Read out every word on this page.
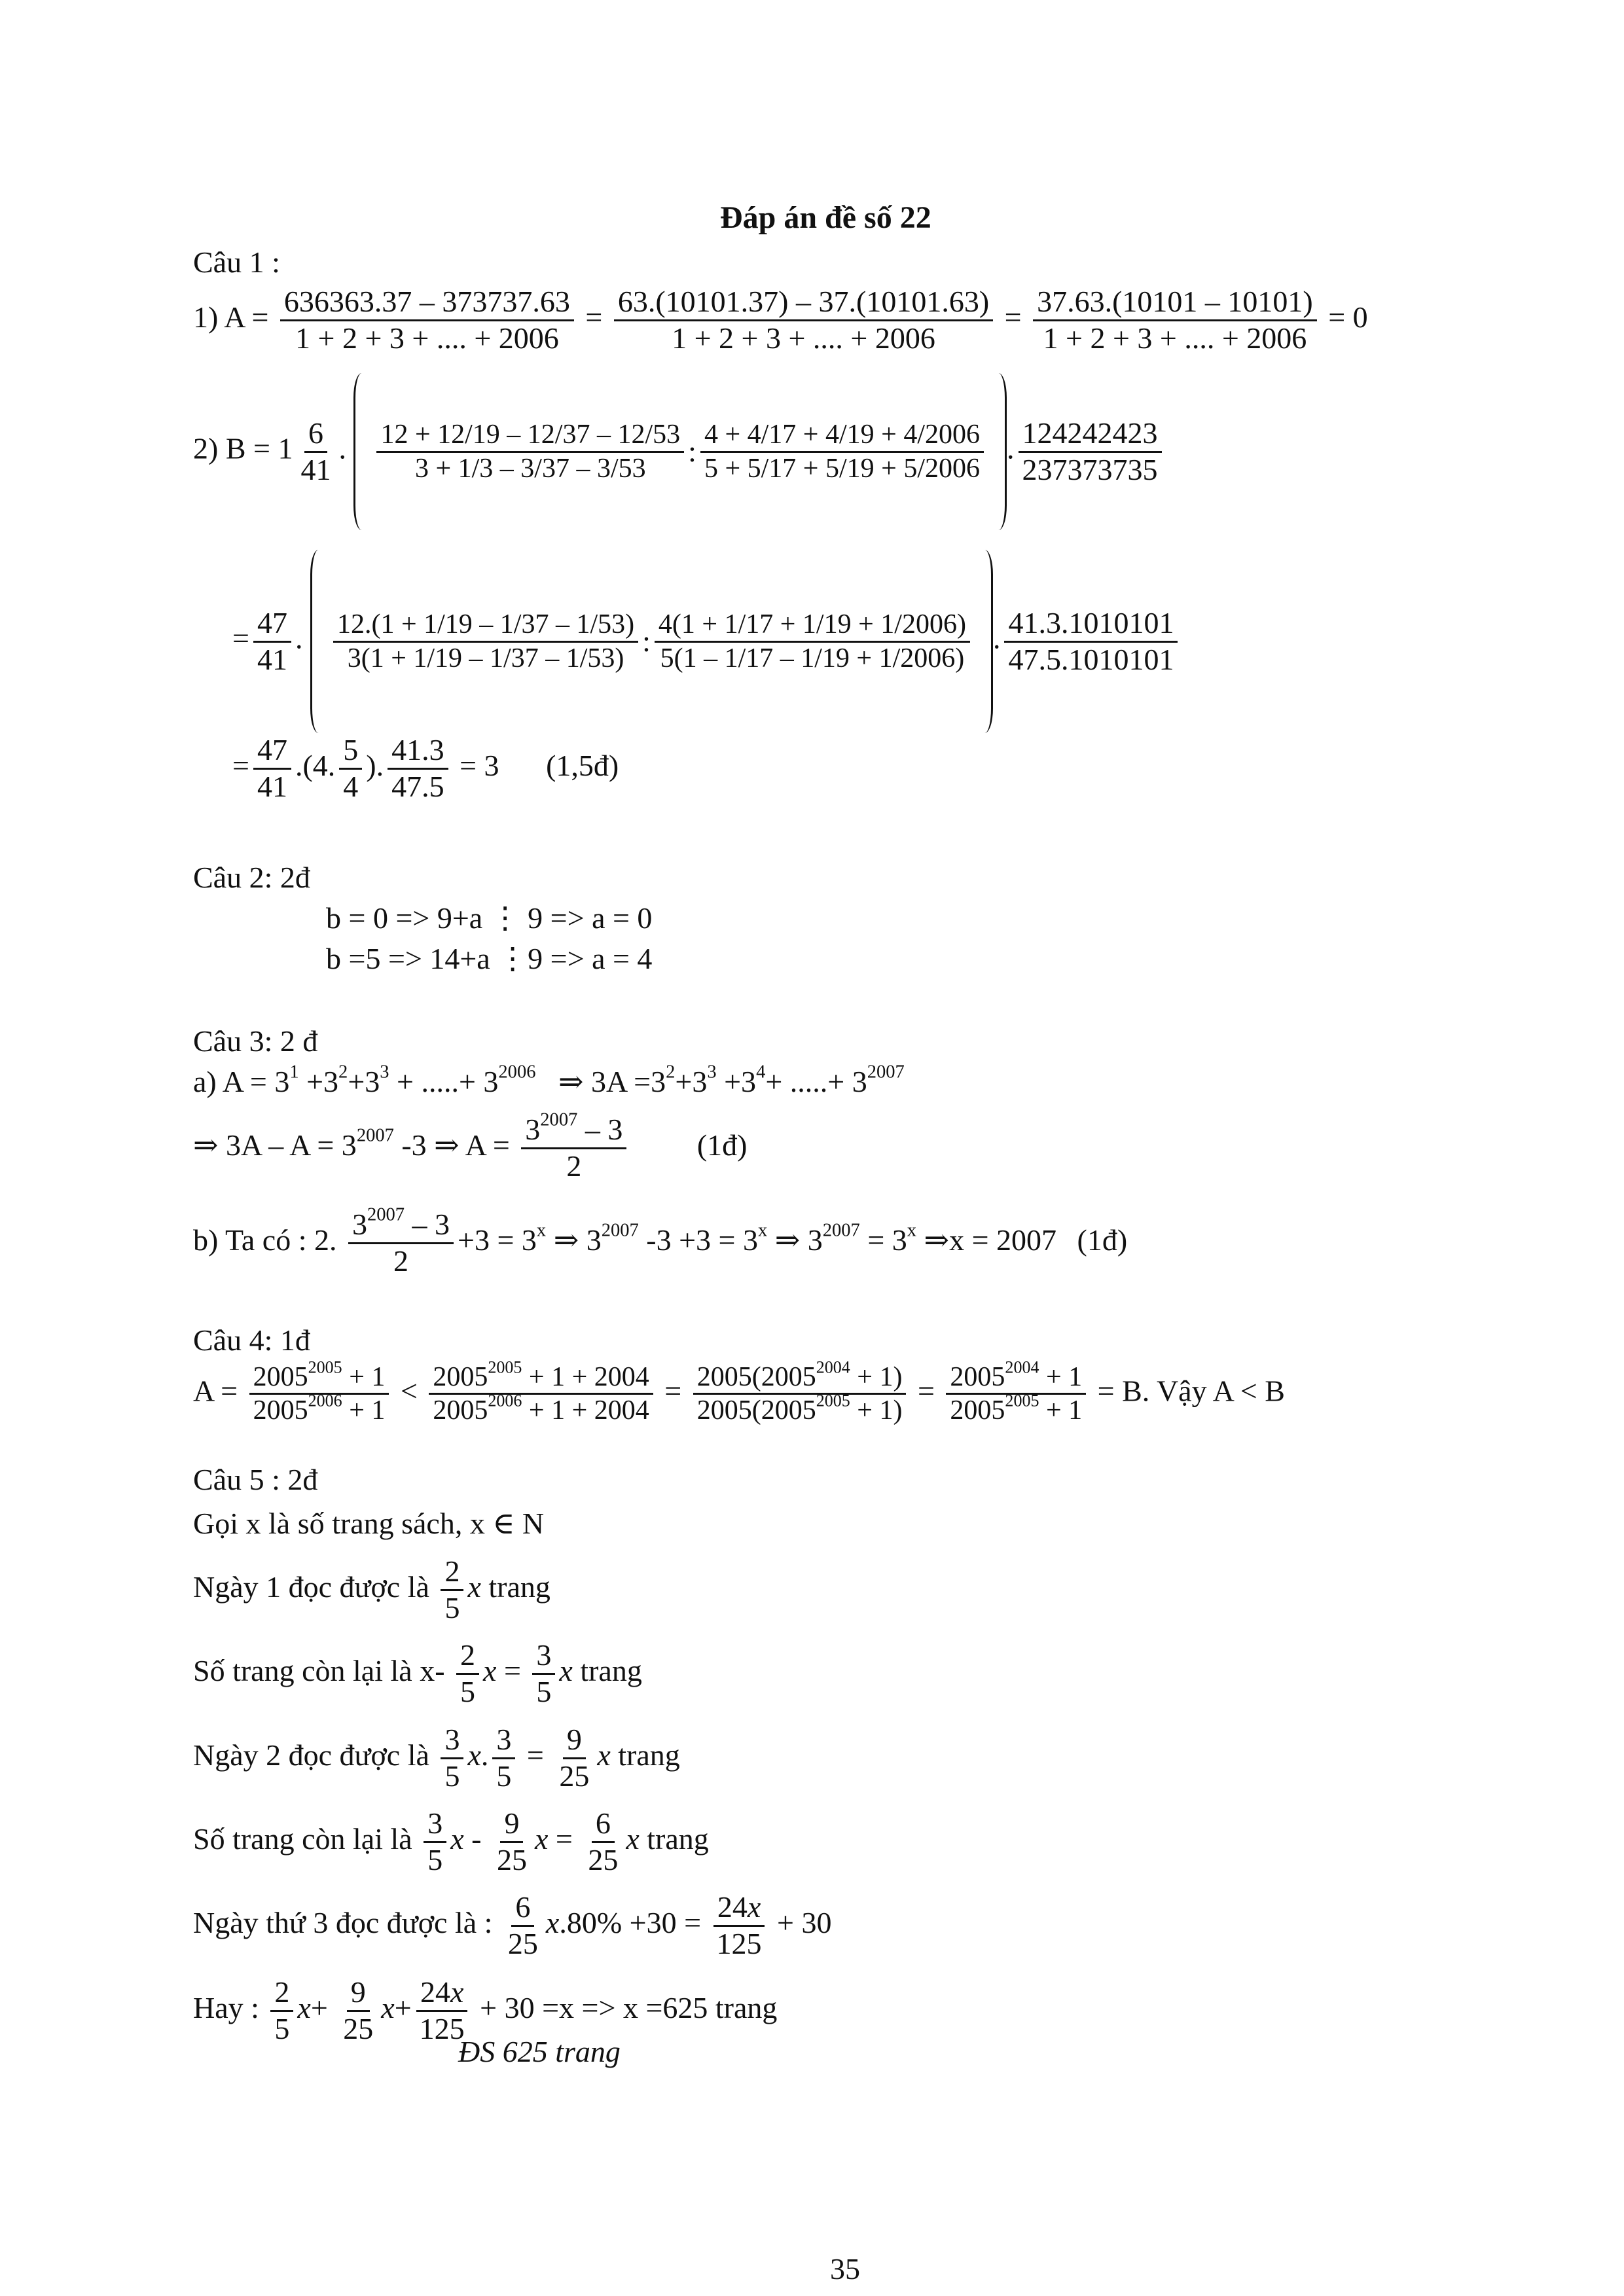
Đáp án đề số 22
Câu 1 :
1) $A = \frac{636363.37 - 373737.63}{1 + 2 + 3 + .... + 2006} = \frac{63.(10101.37) - 37.(10101.63)}{1 + 2 + 3 + .... + 2006} = \frac{37.63.(10101 - 10101)}{1 + 2 + 3 + .... + 2006} = 0$
2) $B = 1 \frac{6}{41}$ . $\frac{12 + 12/19 - 12/37 - 12/53}{3 + 1/3 - 3/37 - 3/53}$ : $\frac{4 + 4/17 + 4/19 + 4/2006}{5 + 5/17 + 5/19 + 5/2006}$ . $\frac{124242423}{237373735}$
= $\frac{47}{41}$ . $\frac{12.(1 + 1/19 - 1/37 - 1/53)}{3(1 + 1/19 - 1/37 - 1/53)}$ : $\frac{4(1 + 1/17 + 1/19 + 1/2006)}{5(1 - 1/17 - 1/19 + 1/2006)}$ . $\frac{41.3.1010101}{47.5.1010101}$
= $\frac{47}{41} .(4$. $\frac{5}{4}$ ). $\frac{41.3}{47.5} = 3$ (1,5đ)
Câu 2: 2đ
b = 0 => 9+a ⋮ 9 => a = 0
b =5 => 14+a ⋮9 => a = 4
Câu 3: 2 đ
a) $A = 3^1 +3^2+3^3$ + .....+ $3^{2006}$   ⇒ $3A =3^2+3^3 +3^4+$ .....+ $3^{2007}$
⇒ $3A - A = 3^{2007}$ -3 ⇒ $A = \frac{3^{2007} - 3}{2}$ (1đ)
b) Ta có : 2. $\frac{3^{2007} - 3}{2} +3 = 3^x$ ⇒ $3^{2007}$ $-3 +3 = 3^x$ ⇒ $3^{2007} = 3^x$ ⇒x = 2007 (1đ)
Câu 4: 1đ
$A = \frac{2005^{2005} + 1}{2005^{2006} + 1} < \frac{2005^{2005} + 1 + 2004}{2005^{2006} + 1 + 2004} = \frac{2005(2005^{2004} + 1)}{2005(2005^{2005} + 1)} = \frac{2005^{2004} + 1}{2005^{2005} + 1} = B$. Vậy A < B
Câu 5 : 2đ
Gọi x là số trang sách, x ∈ N
Ngày 1 đọc được là $\frac{2}{5}$ x trang
Số trang còn lại là $x- \frac{2}{5}$ $x = \frac{3}{5}$ x trang
Ngày 2 đọc được là $\frac{3}{5} x$. $\frac{3}{5} = \frac{9}{25}$ x trang
Số trang còn lại là $\frac{3}{5}$ x - $\frac{9}{25}$ $x = \frac{6}{25}$ x trang
Ngày thứ 3 đọc được là : $\frac{6}{25} x.80\% +30 = \frac{24x}{125} + 30$
Hay : $\frac{2}{5} x+ \frac{9}{25} x+ \frac{24x}{125} + 30 =x => x =625$ trang
ĐS 625 trang
35
